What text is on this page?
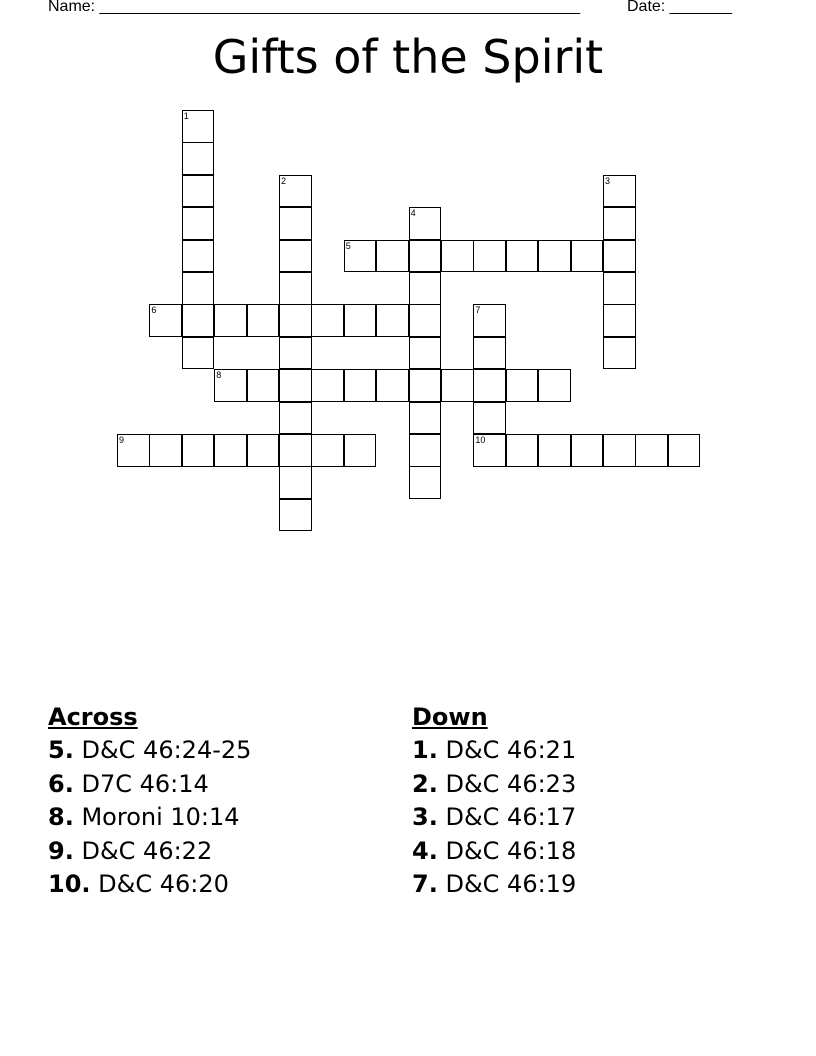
Name: ______________________________________________________	Date: _______
Gifts of the Spirit
5
6
8
9	10
1
2	3
4
7
Across
5. D&C 46:24-25
6. D7C 46:14
8. Moroni 10:14
9. D&C 46:22
10. D&C 46:20
Down
1. D&C 46:21
2. D&C 46:23
3. D&C 46:17
4. D&C 46:18
7. D&C 46:19
